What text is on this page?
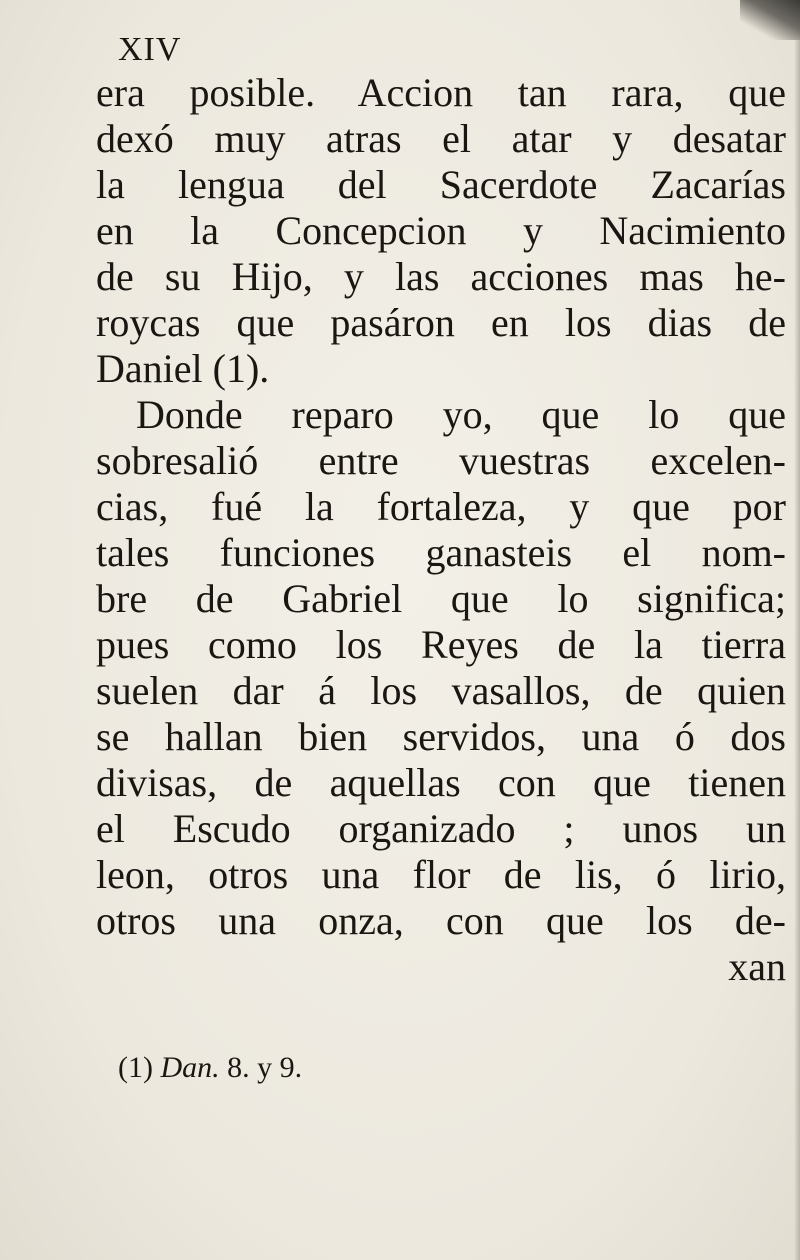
XIV
era posible. Accion tan rara, que
dexó muy atras el atar y desatar
la lengua del Sacerdote Zacarías
en la Concepcion y Nacimiento
de su Hijo, y las acciones mas he-
roycas que pasáron en los dias de
Daniel (1).
Donde reparo yo, que lo que
sobresalió entre vuestras excelen-
cias, fué la fortaleza, y que por
tales funciones ganasteis el nom-
bre de Gabriel que lo significa;
pues como los Reyes de la tierra
suelen dar á los vasallos, de quien
se hallan bien servidos, una ó dos
divisas, de aquellas con que tienen
el Escudo organizado ; unos un
leon, otros una flor de lis, ó lirio,
otros una onza, con que los de-
xan
(1) Dan. 8. y 9.
